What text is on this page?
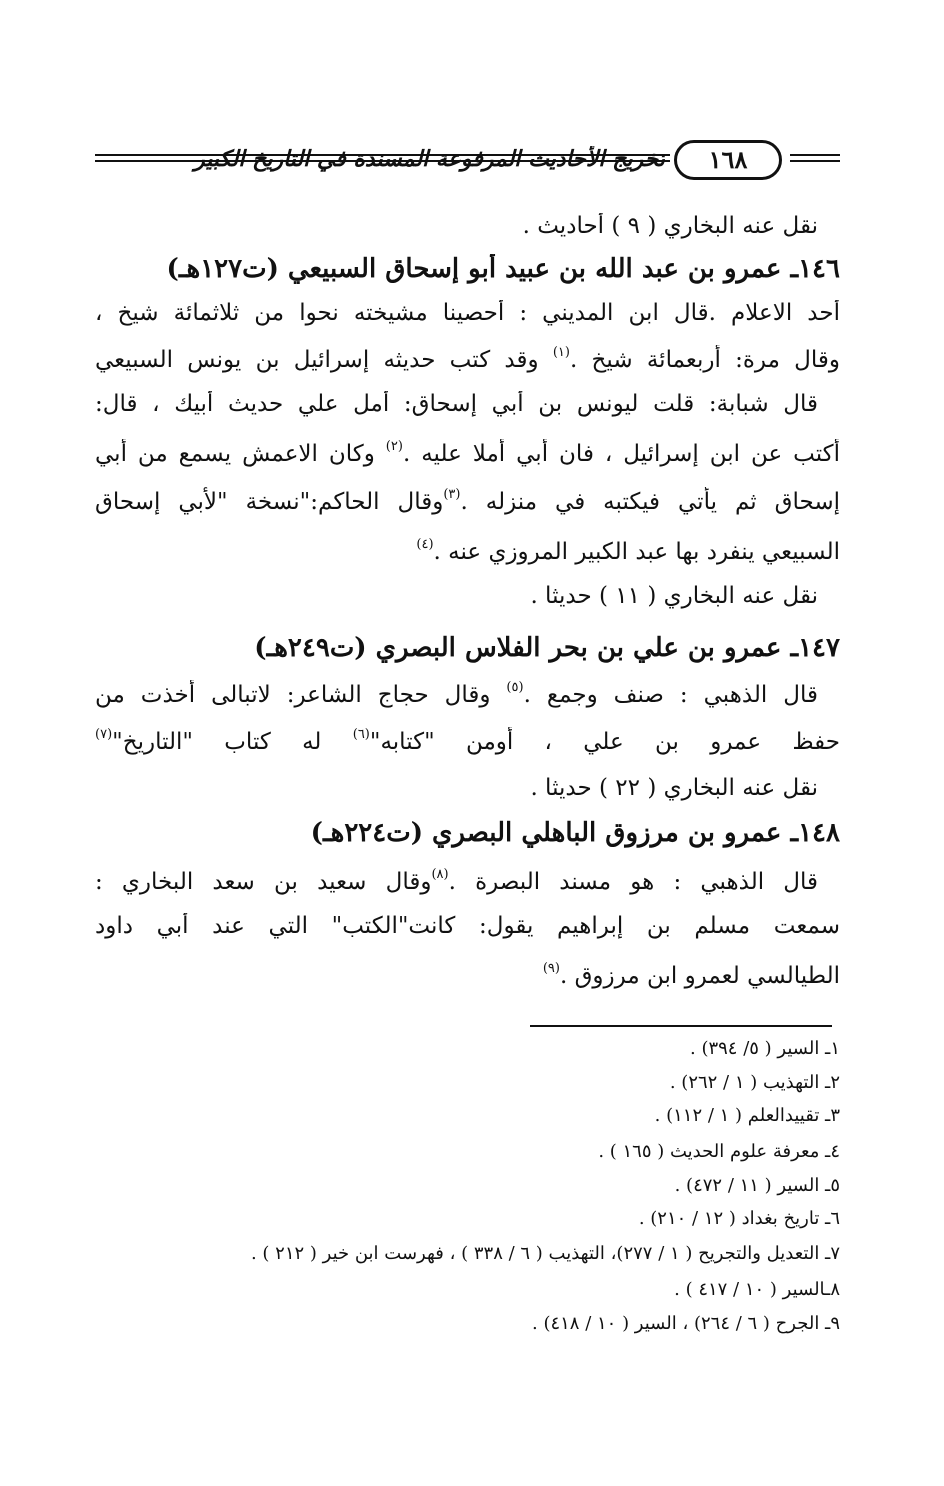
تخريج الأحاديث المرفوعة المسندة في التاريخ الكبير	١٦٨
نقل عنه البخاري ( ٩ ) أحاديث .
١٤٦ـ عمرو بن عبد الله بن عبيد أبو إسحاق السبيعي (ت١٢٧هـ)
أحد الاعلام .قال ابن المديني : أحصينا مشيخته نحوا من ثلاثمائة شيخ ،
وقال مرة: أربعمائة شيخ .$^{(١)}$ وقد كتب حديثه إسرائيل بن يونس السبيعي
قال شبابة: قلت ليونس بن أبي إسحاق: أمل علي حديث أبيك ، قال:
أكتب عن ابن إسرائيل ، فان أبي أملا عليه .$^{(٢)}$ وكان الاعمش يسمع من أبي
إسحاق ثم يأتي فيكتبه في منزله .$^{(٣)}$وقال الحاكم:"نسخة "لأبي إسحاق
السبيعي ينفرد بها عبد الكبير المروزي عنه .$^{(٤)}$
نقل عنه البخاري ( ١١ ) حديثا .
١٤٧ـ عمرو بن علي بن بحر الفلاس البصري (ت٢٤٩هـ)
قال الذهبي : صنف وجمع .$^{(٥)}$ وقال حجاج الشاعر: لاتبالى أخذت من
حفظ عمرو بن علي ، أومن "كتابه"$^{(٦)}$ له كتاب "التاريخ"$^{(٧)}$
نقل عنه البخاري ( ٢٢ ) حديثا .
١٤٨ـ عمرو بن مرزوق الباهلي البصري (ت٢٢٤هـ)
قال الذهبي : هو مسند البصرة .$^{(٨)}$وقال سعيد بن سعد البخاري :
سمعت مسلم بن إبراهيم يقول: كانت"الكتب" التي عند أبي داود
الطيالسي لعمرو ابن مرزوق .$^{(٩)}$
١ـ السير ( ٥/ ٣٩٤) .
٢ـ التهذيب ( ١ / ٢٦٢) .
٣ـ تقييدالعلم ( ١ / ١١٢) .
٤ـ معرفة علوم الحديث ( ١٦٥ ) .
٥ـ السير ( ١١ / ٤٧٢) .
٦ـ تاريخ بغداد ( ١٢ / ٢١٠) .
٧ـ التعديل والتجريح ( ١ / ٢٧٧)، التهذيب ( ٦ / ٣٣٨ ) ، فهرست ابن خير ( ٢١٢ ) .
٨ـالسير ( ١٠ / ٤١٧ ) .
٩ـ الجرح ( ٦ / ٢٦٤) ، السير ( ١٠ / ٤١٨) .
